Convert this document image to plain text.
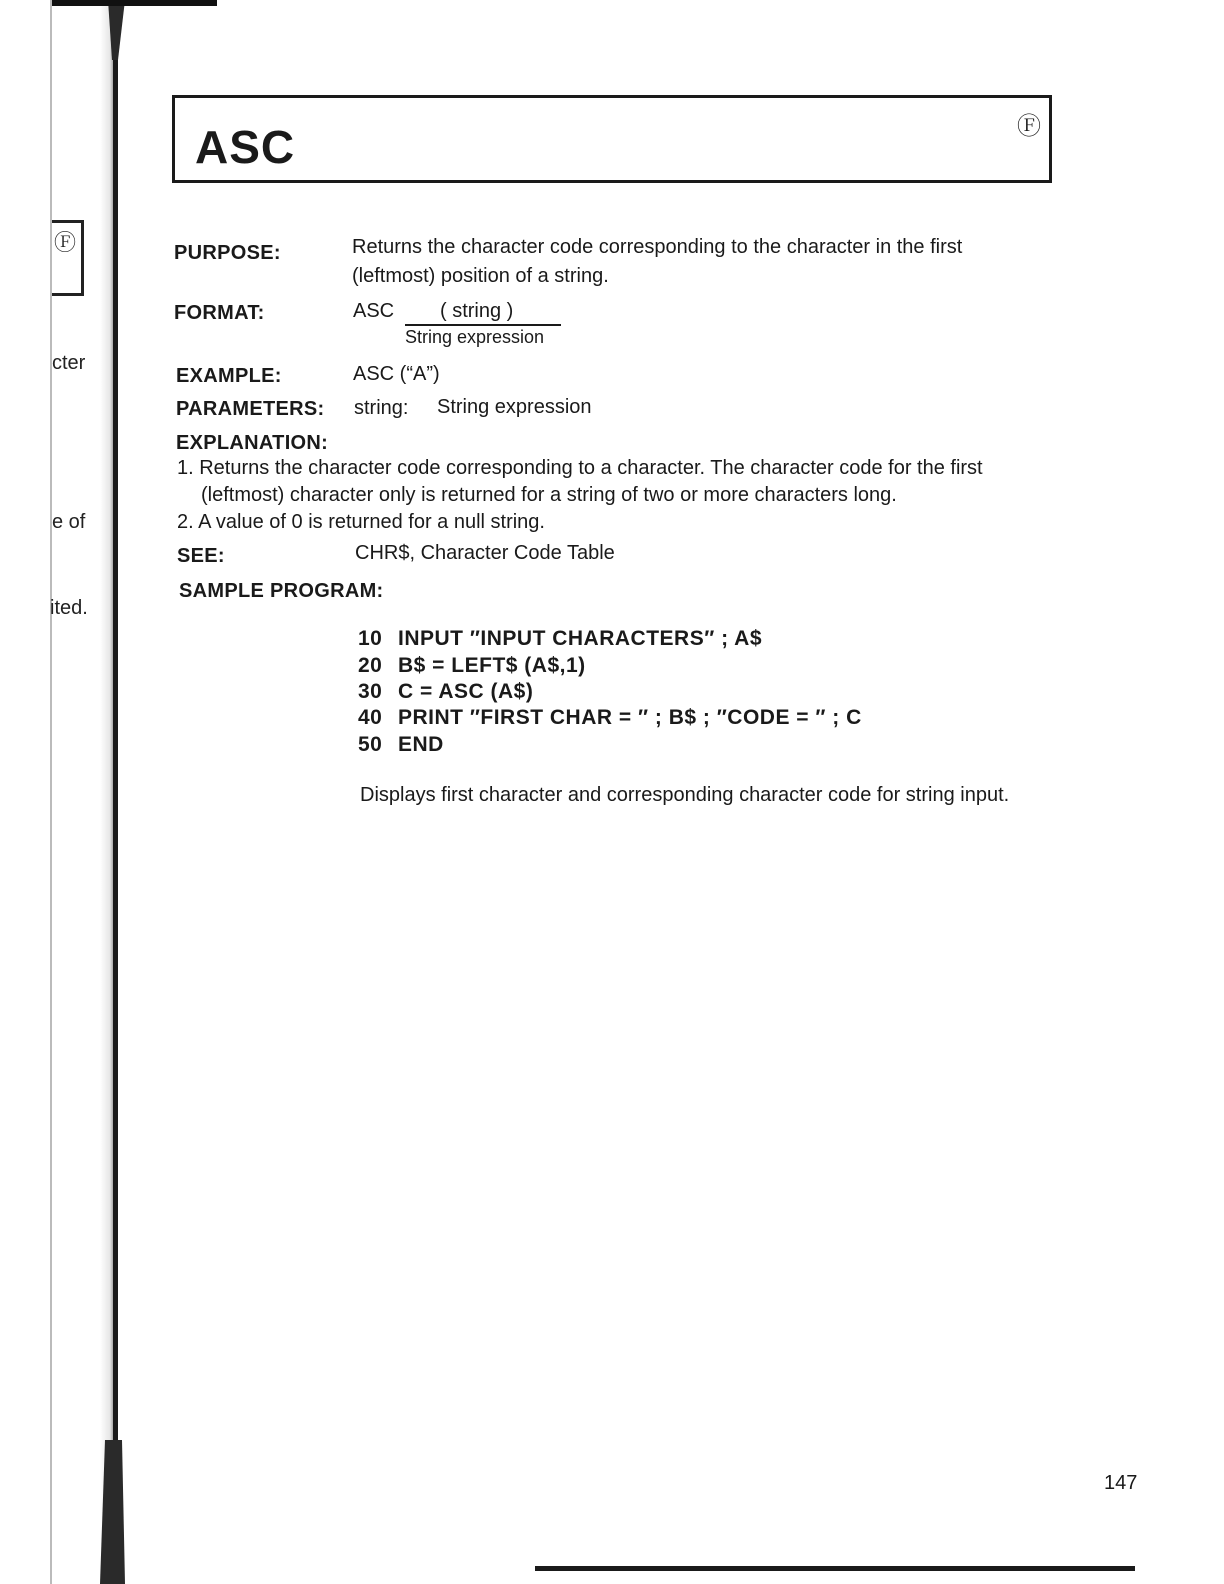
Ⓕ
cter
e of
ited.
ASC	Ⓕ
PURPOSE:	Returns the character code corresponding to the character in the first
(leftmost) position of a string.
FORMAT:	ASC ( string )
String expression
EXAMPLE:	ASC (“A”)
PARAMETERS: string: String expression
EXPLANATION:
1. Returns the character code corresponding to a character. The character code for the first
(leftmost) character only is returned for a string of two or more characters long.
2. A value of 0 is returned for a null string.
SEE:	CHR$, Character Code Table
SAMPLE PROGRAM:
10 INPUT ″INPUT CHARACTERS″ ; A$
20 B$ = LEFT$ (A$,1)
30 C = ASC (A$)
40 PRINT ″FIRST CHAR = ″ ; B$ ; ″CODE = ″ ; C
50 END
Displays first character and corresponding character code for string input.
147
